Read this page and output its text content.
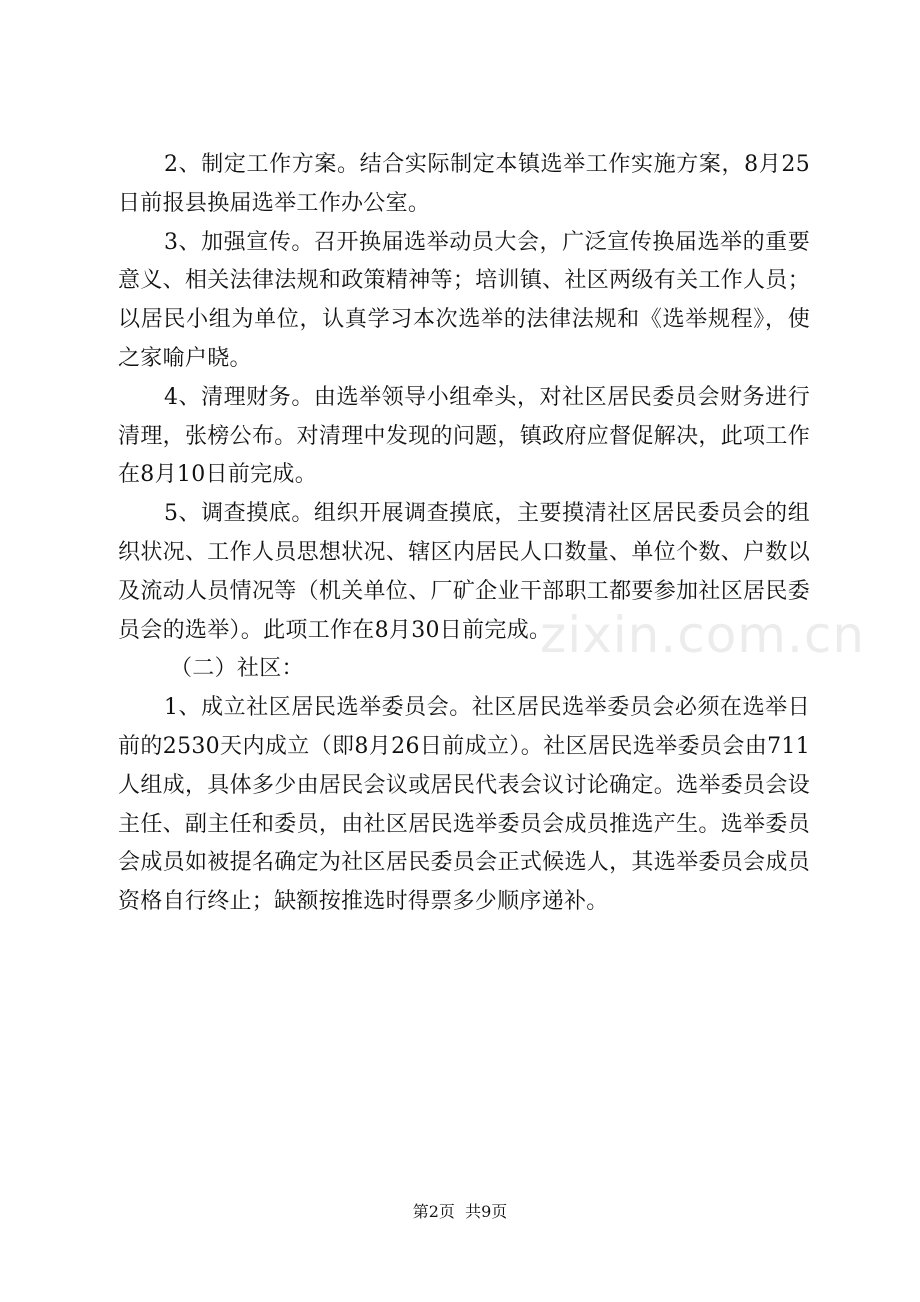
2、制定工作方案。结合实际制定本镇选举工作实施方案，8月25日前报县换届选举工作办公室。

3、加强宣传。召开换届选举动员大会，广泛宣传换届选举的重要意义、相关法律法规和政策精神等；培训镇、社区两级有关工作人员；以居民小组为单位，认真学习本次选举的法律法规和《选举规程》，使之家喻户晓。

4、清理财务。由选举领导小组牵头，对社区居民委员会财务进行清理，张榜公布。对清理中发现的问题，镇政府应督促解决，此项工作在8月10日前完成。

5、调查摸底。组织开展调查摸底，主要摸清社区居民委员会的组织状况、工作人员思想状况、辖区内居民人口数量、单位个数、户数以及流动人员情况等（机关单位、厂矿企业干部职工都要参加社区居民委员会的选举）。此项工作在8月30日前完成。

（二）社区：

1、成立社区居民选举委员会。社区居民选举委员会必须在选举日前的2530天内成立（即8月26日前成立）。社区居民选举委员会由711人组成，具体多少由居民会议或居民代表会议讨论确定。选举委员会设主任、副主任和委员，由社区居民选举委员会成员推选产生。选举委员会成员如被提名确定为社区居民委员会正式候选人，其选举委员会成员资格自行终止；缺额按推选时得票多少顺序递补。

zixin.com.cn
第2页 共9页
